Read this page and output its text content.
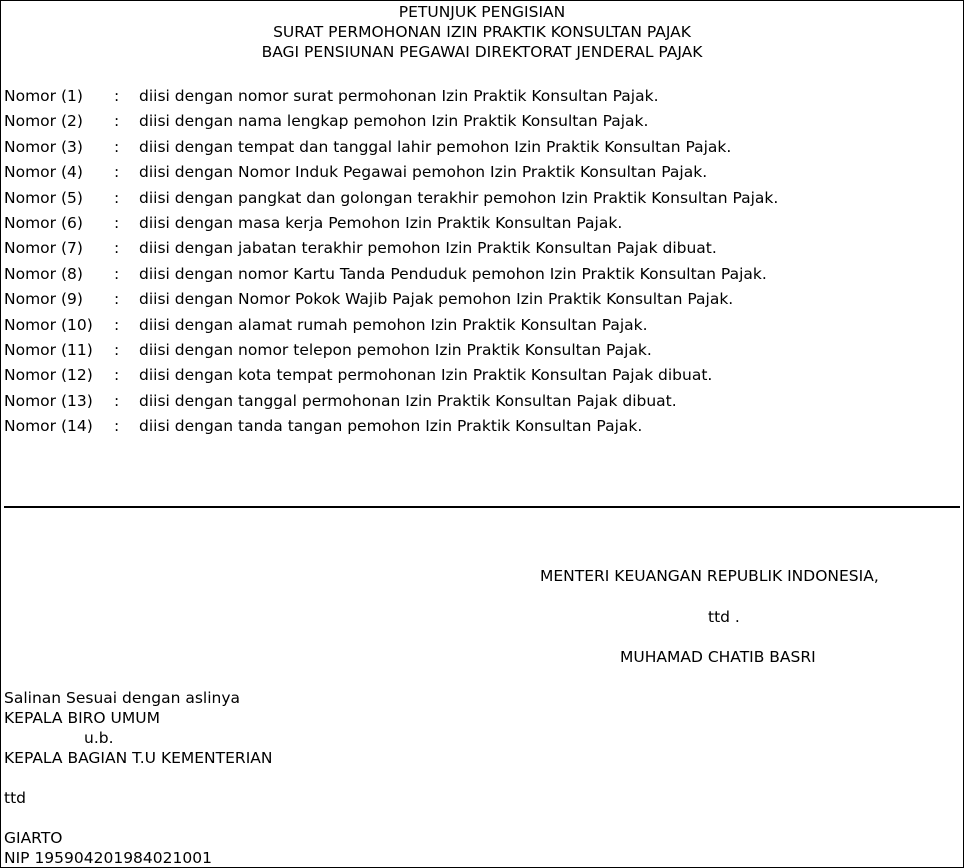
PETUNJUK PENGISIAN
SURAT PERMOHONAN IZIN PRAKTIK KONSULTAN PAJAK
BAGI PENSIUNAN PEGAWAI DIREKTORAT JENDERAL PAJAK
Nomor (1) : diisi dengan nomor surat permohonan Izin Praktik Konsultan Pajak.
Nomor (2) : diisi dengan nama lengkap pemohon Izin Praktik Konsultan Pajak.
Nomor (3) : diisi dengan tempat dan tanggal lahir pemohon Izin Praktik Konsultan Pajak.
Nomor (4) : diisi dengan Nomor Induk Pegawai pemohon Izin Praktik Konsultan Pajak.
Nomor (5) : diisi dengan pangkat dan golongan terakhir pemohon Izin Praktik Konsultan Pajak.
Nomor (6) : diisi dengan masa kerja Pemohon Izin Praktik Konsultan Pajak.
Nomor (7) : diisi dengan jabatan terakhir pemohon Izin Praktik Konsultan Pajak dibuat.
Nomor (8) : diisi dengan nomor Kartu Tanda Penduduk pemohon Izin Praktik Konsultan Pajak.
Nomor (9) : diisi dengan Nomor Pokok Wajib Pajak pemohon Izin Praktik Konsultan Pajak.
Nomor (10) : diisi dengan alamat rumah pemohon Izin Praktik Konsultan Pajak.
Nomor (11) : diisi dengan nomor telepon pemohon Izin Praktik Konsultan Pajak.
Nomor (12) : diisi dengan kota tempat permohonan Izin Praktik Konsultan Pajak dibuat.
Nomor (13) : diisi dengan tanggal permohonan Izin Praktik Konsultan Pajak dibuat.
Nomor (14) : diisi dengan tanda tangan pemohon Izin Praktik Konsultan Pajak.
MENTERI KEUANGAN REPUBLIK INDONESIA,
ttd .
MUHAMAD CHATIB BASRI
Salinan Sesuai dengan aslinya
KEPALA BIRO UMUM
u.b.
KEPALA BAGIAN T.U KEMENTERIAN
ttd
GIARTO
NIP 195904201984021001
